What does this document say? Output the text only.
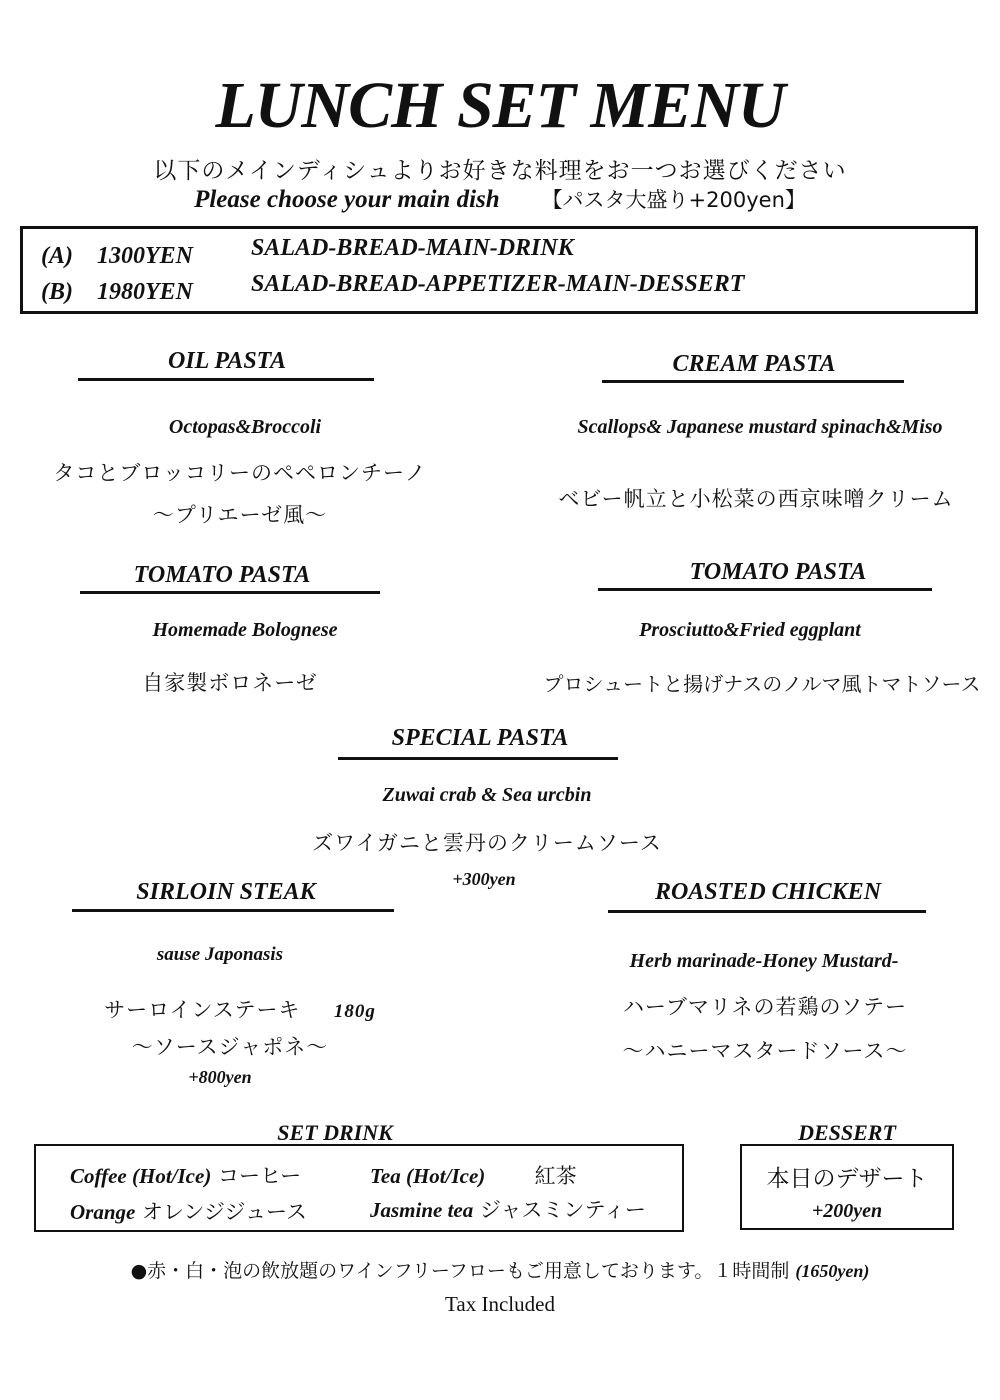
LUNCH SET MENU
以下のメインディシュよりお好きな料理をお一つお選びください
Please choose your main dish 【パスタ大盛り+200yen】
(A)　1300YEN SALAD-BREAD-MAIN-DRINK
(B)　1980YEN SALAD-BREAD-APPETIZER-MAIN-DESSERT
OIL PASTA
Octopas&Broccoli
タコとブロッコリーのペペロンチーノ
～プリエーゼ風～
CREAM PASTA
Scallops& Japanese mustard spinach&Miso
ベビー帆立と小松菜の西京味噌クリーム
TOMATO PASTA
Homemade Bolognese
自家製ボロネーゼ
TOMATO PASTA
Prosciutto&Fried eggplant
プロシュートと揚げナスのノルマ風トマトソース
SPECIAL PASTA
Zuwai crab & Sea urcbin
ズワイガニと雲丹のクリームソース
+300yen
SIRLOIN STEAK
sause Japonasis
サーロインステーキ 180g
～ソースジャポネ～
+800yen
ROASTED CHICKEN
Herb marinade-Honey Mustard-
ハーブマリネの若鶏のソテー
～ハニーマスタードソース～
SET DRINK
Coffee (Hot/Ice) コーヒー	Tea (Hot/Ice) 紅茶
Orange オレンジジュース	Jasmine tea ジャスミンティー
DESSERT
本日のデザート
+200yen
●赤・白・泡の飲放題のワインフリーフローもご用意しております。１時間制 (1650yen)
Tax Included
